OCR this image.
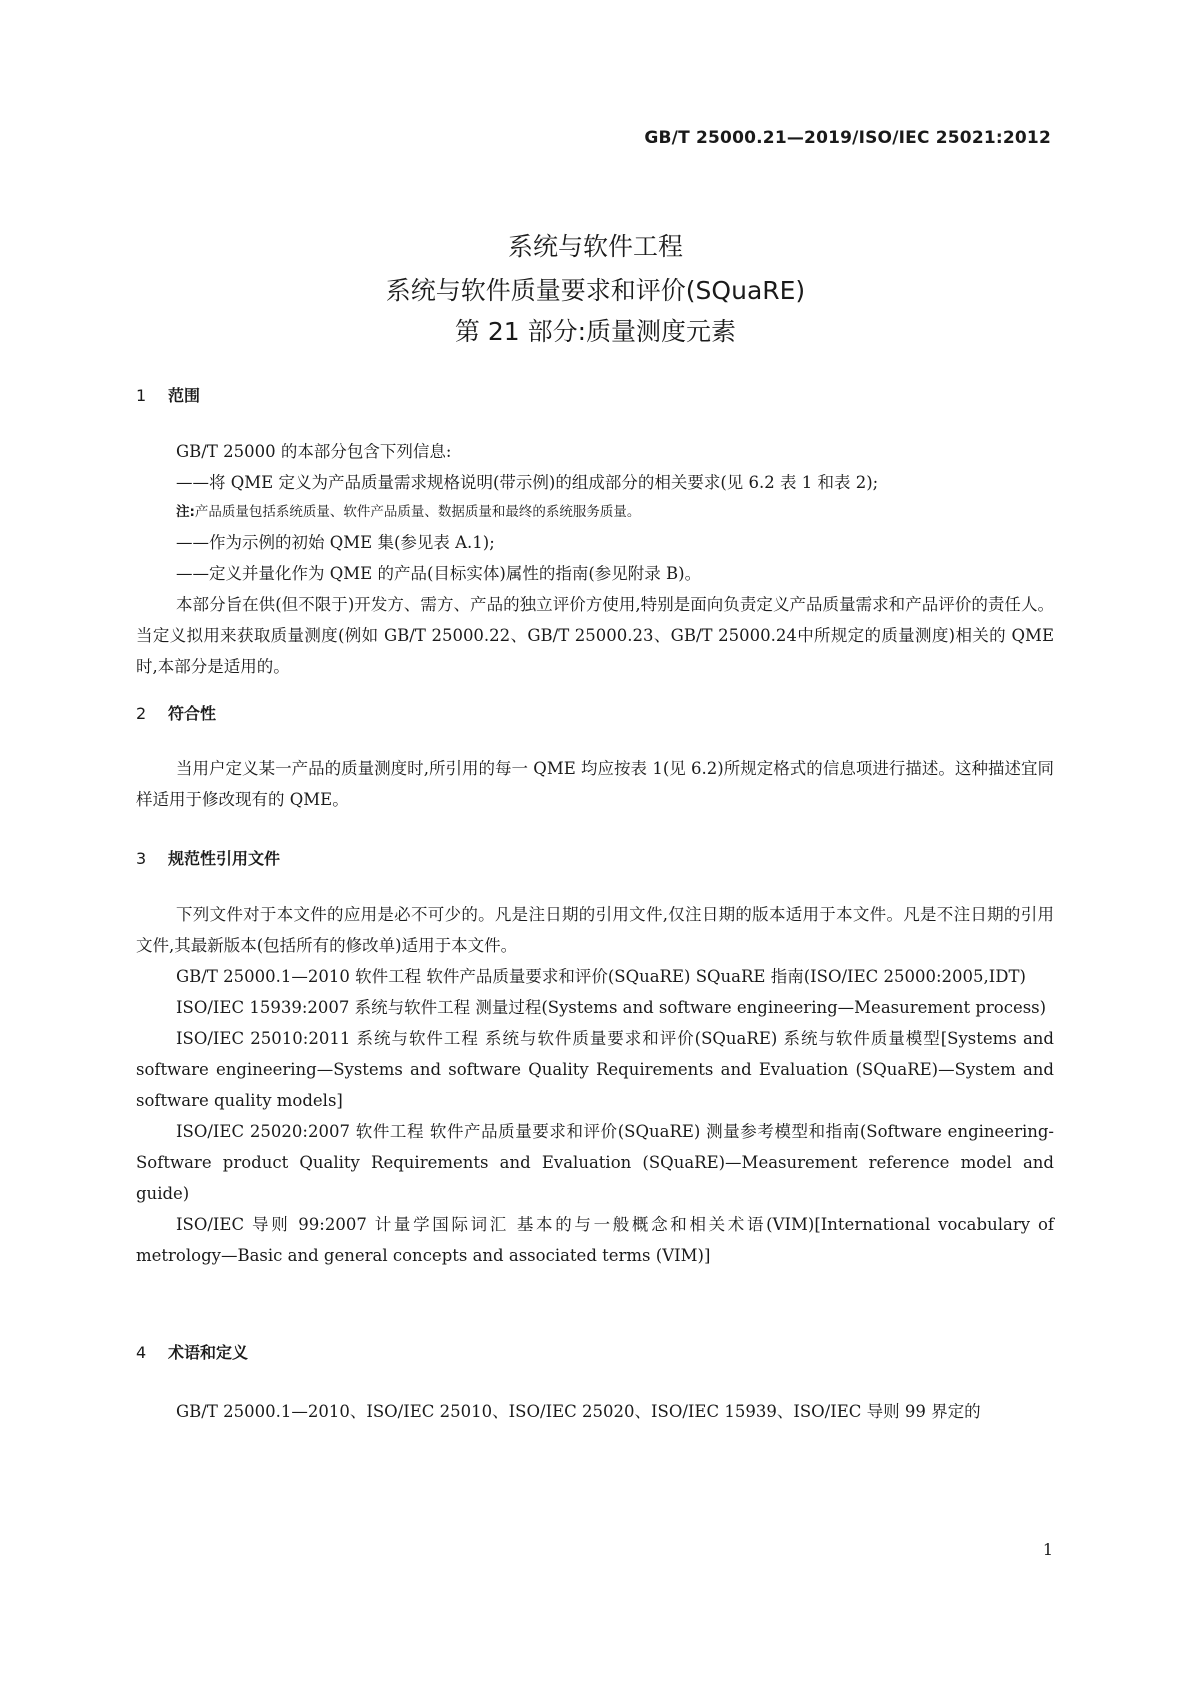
GB/T 25000.21—2019/ISO/IEC 25021:2012
系统与软件工程
系统与软件质量要求和评价(SQuaRE)
第 21 部分:质量测度元素
1 范围

GB/T 25000 的本部分包含下列信息:

——将 QME 定义为产品质量需求规格说明(带示例)的组成部分的相关要求(见 6.2 表 1 和表 2);

注:产品质量包括系统质量、软件产品质量、数据质量和最终的系统服务质量。

——作为示例的初始 QME 集(参见表 A.1);

——定义并量化作为 QME 的产品(目标实体)属性的指南(参见附录 B)。

本部分旨在供(但不限于)开发方、需方、产品的独立评价方使用,特别是面向负责定义产品质量需求和产品评价的责任人。当定义拟用来获取质量测度(例如 GB/T 25000.22、GB/T 25000.23、GB/T 25000.24中所规定的质量测度)相关的 QME 时,本部分是适用的。

2 符合性

当用户定义某一产品的质量测度时,所引用的每一 QME 均应按表 1(见 6.2)所规定格式的信息项进行描述。这种描述宜同样适用于修改现有的 QME。

3 规范性引用文件

下列文件对于本文件的应用是必不可少的。凡是注日期的引用文件,仅注日期的版本适用于本文件。凡是不注日期的引用文件,其最新版本(包括所有的修改单)适用于本文件。

GB/T 25000.1—2010 软件工程 软件产品质量要求和评价(SQuaRE) SQuaRE 指南(ISO/IEC 25000:2005,IDT)

ISO/IEC 15939:2007 系统与软件工程 测量过程(Systems and software engineering—Measurement process)

ISO/IEC 25010:2011 系统与软件工程 系统与软件质量要求和评价(SQuaRE) 系统与软件质量模型[Systems and software engineering—Systems and software Quality Requirements and Evaluation (SQuaRE)—System and software quality models]

ISO/IEC 25020:2007 软件工程 软件产品质量要求和评价(SQuaRE) 测量参考模型和指南(Software engineering-Software product Quality Requirements and Evaluation (SQuaRE)—Measurement reference model and guide)

ISO/IEC 导则 99:2007 计量学国际词汇 基本的与一般概念和相关术语(VIM)[International vocabulary of metrology—Basic and general concepts and associated terms (VIM)]

4 术语和定义

GB/T 25000.1—2010、ISO/IEC 25010、ISO/IEC 25020、ISO/IEC 15939、ISO/IEC 导则 99 界定的

1
